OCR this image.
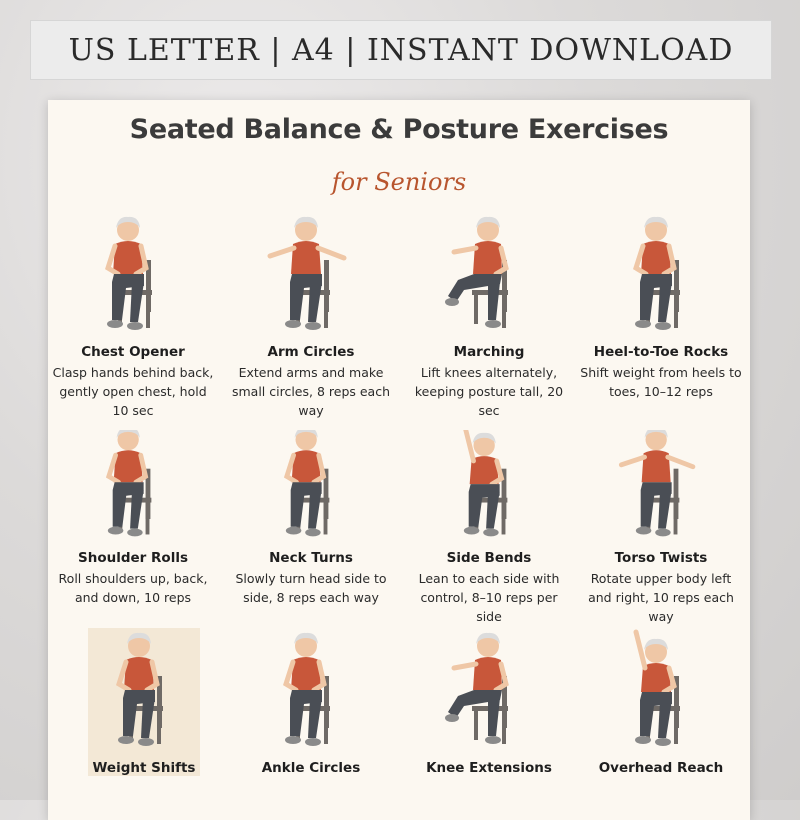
US LETTER | A4 | INSTANT DOWNLOAD
Seated Balance & Posture Exercises
for Seniors
Chest Opener
Clasp hands behind back, gently open chest, hold 10 sec
Arm Circles
Extend arms and make small circles, 8 reps each way
Marching
Lift knees alternately, keeping posture tall, 20 sec
Heel-to-Toe Rocks
Shift weight from heels to toes, 10–12 reps
Shoulder Rolls
Roll shoulders up, back, and down, 10 reps
Neck Turns
Slowly turn head side to side, 8 reps each way
Side Bends
Lean to each side with control, 8–10 reps per side
Torso Twists
Rotate upper body left and right, 10 reps each way
Weight Shifts	Ankle Circles	Knee Extensions	Overhead Reach
